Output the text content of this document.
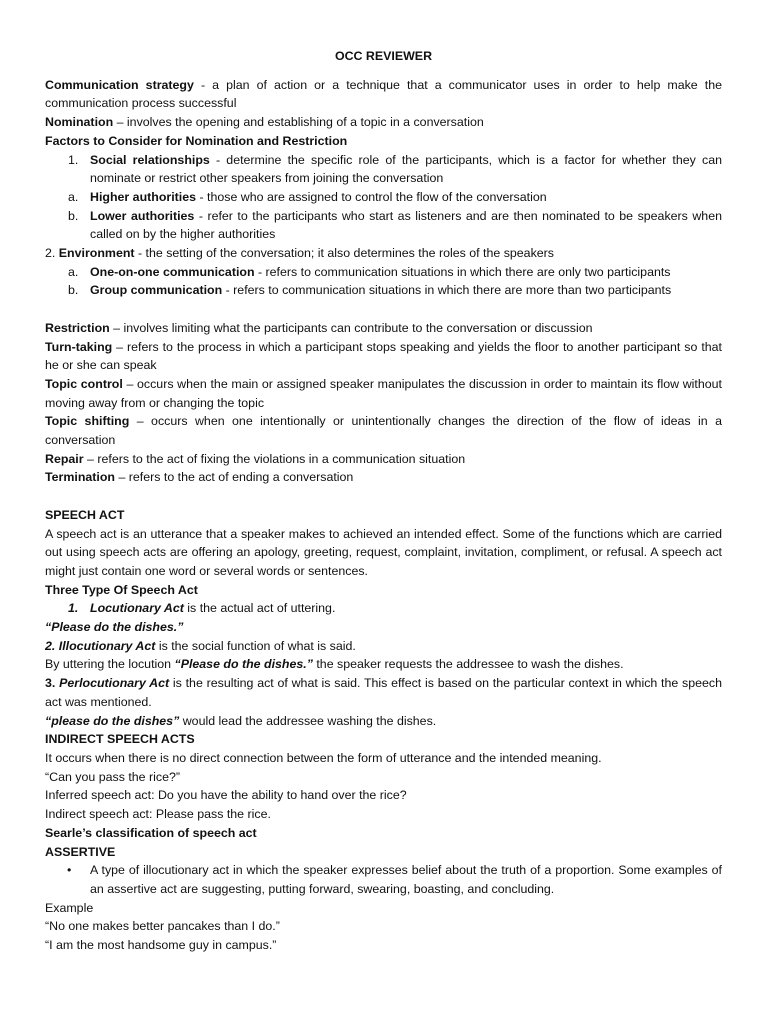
OCC REVIEWER

Communication strategy - a plan of action or a technique that a communicator uses in order to help make the communication process successful

Nomination – involves the opening and establishing of a topic in a conversation

Factors to Consider for Nomination and Restriction

1. Social relationships - determine the specific role of the participants, which is a factor for whether they can nominate or restrict other speakers from joining the conversation
a. Higher authorities - those who are assigned to control the flow of the conversation
b. Lower authorities - refer to the participants who start as listeners and are then nominated to be speakers when called on by the higher authorities

2. Environment - the setting of the conversation; it also determines the roles of the speakers

a. One-on-one communication - refers to communication situations in which there are only two participants
b. Group communication - refers to communication situations in which there are more than two participants

Restriction – involves limiting what the participants can contribute to the conversation or discussion

Turn-taking – refers to the process in which a participant stops speaking and yields the floor to another participant so that he or she can speak

Topic control – occurs when the main or assigned speaker manipulates the discussion in order to maintain its flow without moving away from or changing the topic

Topic shifting – occurs when one intentionally or unintentionally changes the direction of the flow of ideas in a conversation

Repair – refers to the act of fixing the violations in a communication situation

Termination – refers to the act of ending a conversation

SPEECH ACT

A speech act is an utterance that a speaker makes to achieved an intended effect. Some of the functions which are carried out using speech acts are offering an apology, greeting, request, complaint, invitation, compliment, or refusal. A speech act might just contain one word or several words or sentences.

Three Type Of Speech Act

1. Locutionary Act is the actual act of uttering.

“Please do the dishes.”

2. Illocutionary Act is the social function of what is said.

By uttering the locution “Please do the dishes.” the speaker requests the addressee to wash the dishes.

3. Perlocutionary Act is the resulting act of what is said. This effect is based on the particular context in which the speech act was mentioned.

“please do the dishes” would lead the addressee washing the dishes.

INDIRECT SPEECH ACTS

It occurs when there is no direct connection between the form of utterance and the intended meaning.

“Can you pass the rice?”

Inferred speech act: Do you have the ability to hand over the rice?

Indirect speech act: Please pass the rice.

Searle’s classification of speech act

ASSERTIVE

• A type of illocutionary act in which the speaker expresses belief about the truth of a proportion. Some examples of an assertive act are suggesting, putting forward, swearing, boasting, and concluding.

Example

“No one makes better pancakes than I do.”

“I am the most handsome guy in campus.”
